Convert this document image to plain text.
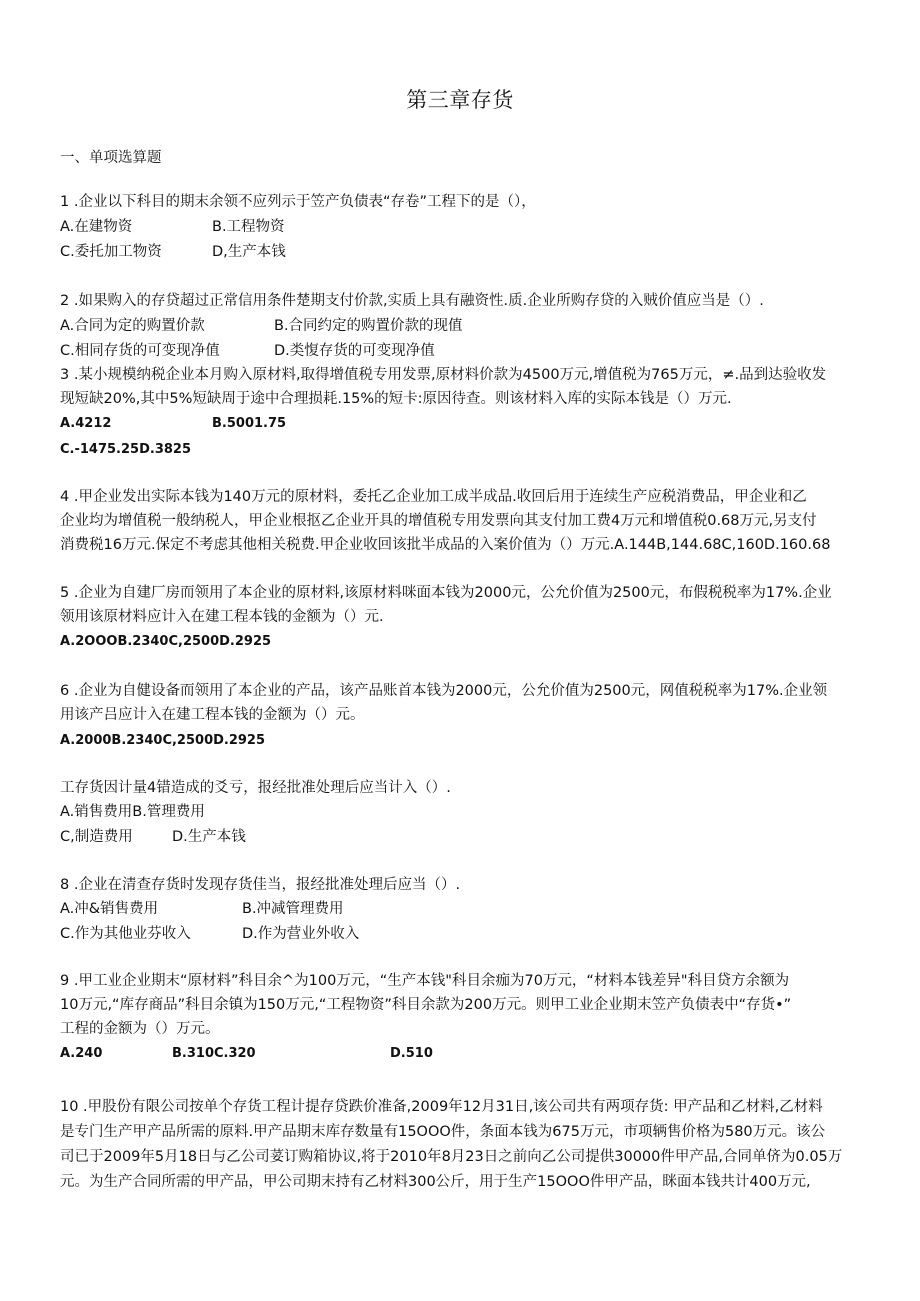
第三章存货
一、单项选算题
1 .企业以下科目的期末余领不应列示于笠产负债表“存卷”工程下的是（），
A.在建物资	B.工程物资
C.委托加工物资	D,生产本钱
2 .如果购入的存贷超过正常信用条件楚期支付价款,实质上具有融资性.质.企业所购存贷的入贼价值应当是（）.
A.合同为定的购置价款	B.合同约定的购置价款的现值
C.相同存货的可变现净值	D.类愎存货的可变现净值
3 .某小规模纳税企业本月购入原材料,取得增值税专用发票,原材料价款为4500万元,增值税为765万元，≠.品到达验收发
现短缺20%,其中5%短缺周于途中合理损耗.15%的短卡:原因待查。则该材料入库的实际本钱是（）万元.
A.4212	B.5001.75
C.-1475.25D.3825
4 .甲企业发出实际本钱为140万元的原材料，委托乙企业加工成半成品.收回后用于连续生产应税消费品，甲企业和乙
企业均为增值税一般纳税人，甲企业根抠乙企业开具的增值税专用发票向其支付加工费4万元和增值税0.68万元,另支付
消费税16万元.保定不考虑其他相关税费.甲企业收回该批半成品的入案价值为（）万元.A.144B,144.68C,160D.160.68
5 .企业为自建厂房而领用了本企业的原材料,该原材料咪面本钱为2000元，公允价值为2500元，布假税税率为17%.企业
领用该原材料应计入在建工程本钱的金额为（）元.
A.2OOOB.2340C,2500D.2925
6 .企业为自健设备而领用了本企业的产品，该产品账首本钱为2000元，公允价值为2500元，网值税税率为17%.企业领
用该产吕应计入在建工程本钱的金额为（）元。
A.2000B.2340C,2500D.2925
工存货因计量4错造成的爻亏，报经批准处理后应当计入（）.
A.销售费用B.管理费用
C,制造费用	D.生产本钱
8 .企业在清查存货时发现存货佳当，报经批准处理后应当（）.
A.冲&销售费用	B.冲减管理费用
C.作为其他业芬收入	D.作为营业外收入
9 .甲工业企业期末“原材料”科目余^为100万元，“生产本钱"科目余痂为70万元，“材料本钱差异"科目贷方余额为
10万元,“库存商品”科目余镇为150万元,“工程物资”科目余款为200万元。则甲工业企业期末笠产负债表中“存货•”
工程的金额为（）万元。
A.240	B.310C.320	D.510
10 .甲股份有限公司按单个存货工程计提存贷跌价准备,2009年12月31日,该公司共有两项存货: 甲产品和乙材料,乙材料
是专门生产甲产品所需的原料.甲产品期末库存数量有15OOO件，条面本钱为675万元，市项辆售价格为580万元。该公
司已于2009年5月18日与乙公司荽订购箱协议,将于2010年8月23日之前向乙公司提供30000件甲产品,合同单侪为0.05万
元。为生产合同所需的甲产品，甲公司期末持有乙材料300公斤，用于生产15OOO件甲产品，眯面本钱共计400万元,
